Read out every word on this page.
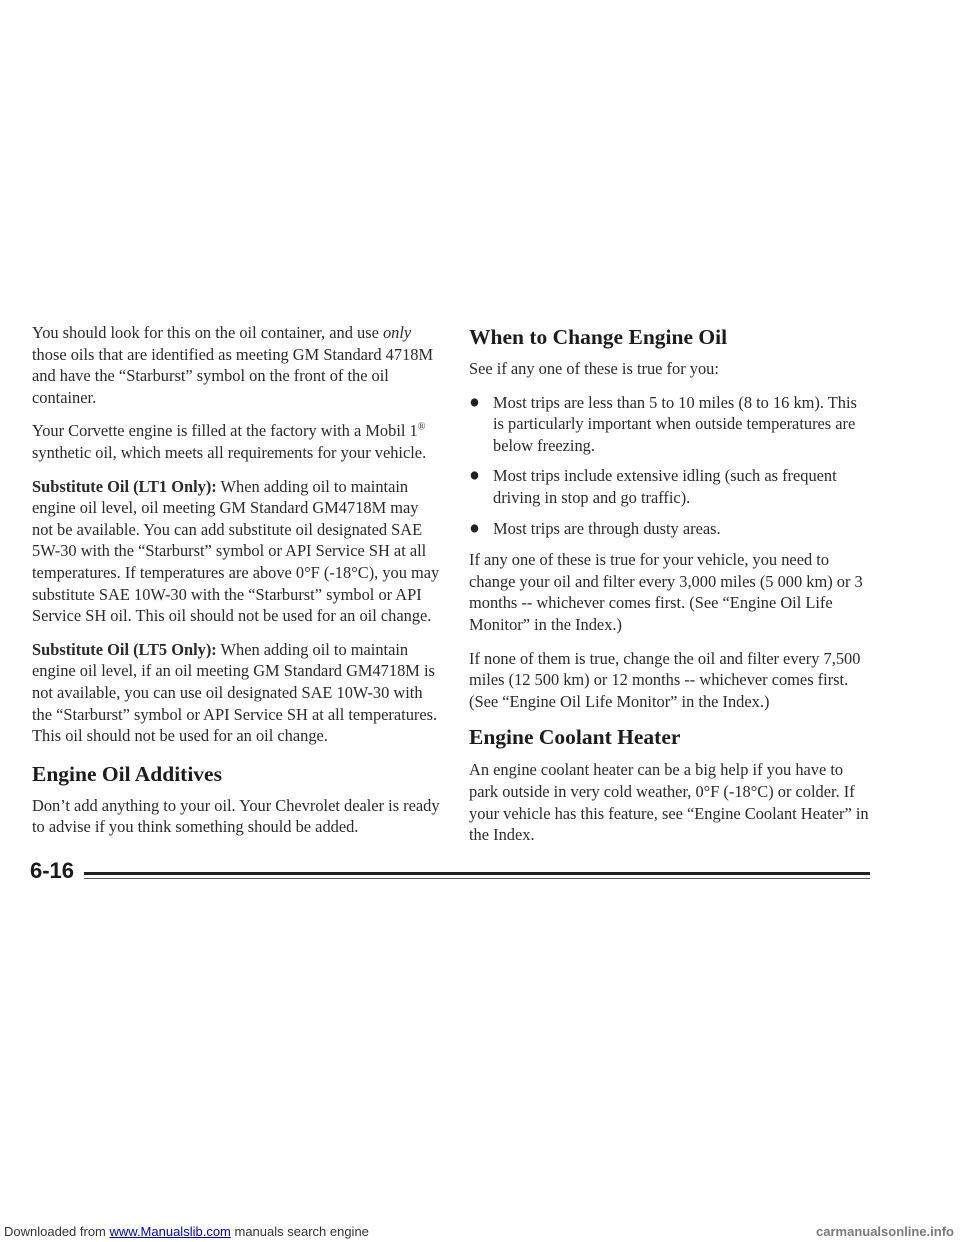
You should look for this on the oil container, and use only those oils that are identified as meeting GM Standard 4718M and have the “Starburst” symbol on the front of the oil container.

Your Corvette engine is filled at the factory with a Mobil 1® synthetic oil, which meets all requirements for your vehicle.

Substitute Oil (LT1 Only): When adding oil to maintain engine oil level, oil meeting GM Standard GM4718M may not be available. You can add substitute oil designated SAE 5W-30 with the “Starburst” symbol or API Service SH at all temperatures. If temperatures are above 0°F (-18°C), you may substitute SAE 10W-30 with the “Starburst” symbol or API Service SH oil. This oil should not be used for an oil change.

Substitute Oil (LT5 Only): When adding oil to maintain engine oil level, if an oil meeting GM Standard GM4718M is not available, you can use oil designated SAE 10W-30 with the “Starburst” symbol or API Service SH at all temperatures. This oil should not be used for an oil change.

Engine Oil Additives

Don’t add anything to your oil. Your Chevrolet dealer is ready to advise if you think something should be added.

When to Change Engine Oil

See if any one of these is true for you:

Most trips are less than 5 to 10 miles (8 to 16 km). This is particularly important when outside temperatures are below freezing.
Most trips include extensive idling (such as frequent driving in stop and go traffic).
Most trips are through dusty areas.

If any one of these is true for your vehicle, you need to change your oil and filter every 3,000 miles (5 000 km) or 3 months -- whichever comes first. (See “Engine Oil Life Monitor” in the Index.)

If none of them is true, change the oil and filter every 7,500 miles (12 500 km) or 12 months -- whichever comes first. (See “Engine Oil Life Monitor” in the Index.)

Engine Coolant Heater

An engine coolant heater can be a big help if you have to park outside in very cold weather, 0°F (-18°C) or colder. If your vehicle has this feature, see “Engine Coolant Heater” in the Index.

6-16
Downloaded from www.Manualslib.com manuals search engine	carmanualsonline.info
